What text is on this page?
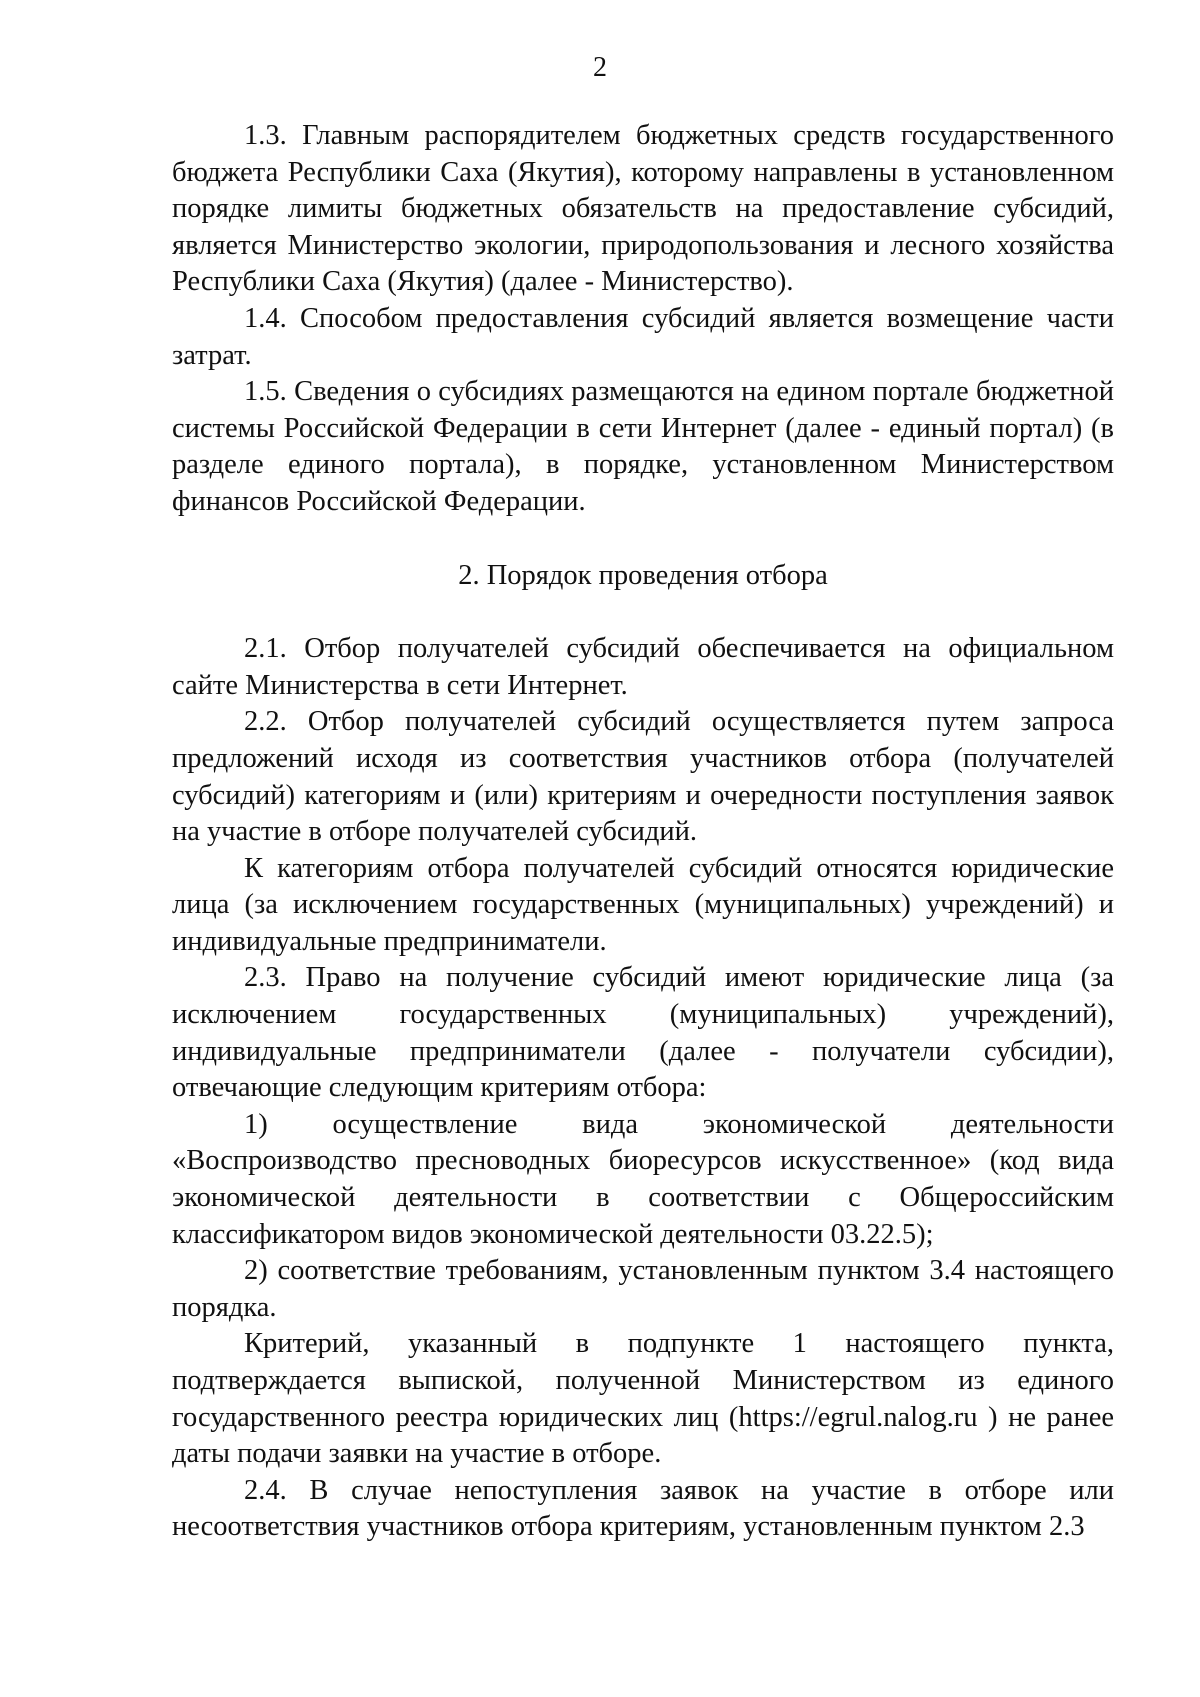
2

1.3. Главным распорядителем бюджетных средств государственного бюджета Республики Саха (Якутия), которому направлены в установленном порядке лимиты бюджетных обязательств на предоставление субсидий, является Министерство экологии, природопользования и лесного хозяйства Республики Саха (Якутия) (далее - Министерство).

1.4. Способом предоставления субсидий является возмещение части затрат.

1.5. Сведения о субсидиях размещаются на едином портале бюджетной системы Российской Федерации в сети Интернет (далее - единый портал) (в разделе единого портала), в порядке, установленном Министерством финансов Российской Федерации.

2. Порядок проведения отбора

2.1. Отбор получателей субсидий обеспечивается на официальном сайте Министерства в сети Интернет.

2.2. Отбор получателей субсидий осуществляется путем запроса предложений исходя из соответствия участников отбора (получателей субсидий) категориям и (или) критериям и очередности поступления заявок на участие в отборе получателей субсидий.

К категориям отбора получателей субсидий относятся юридические лица (за исключением государственных (муниципальных) учреждений) и индивидуальные предприниматели.

2.3. Право на получение субсидий имеют юридические лица (за исключением государственных (муниципальных) учреждений), индивидуальные предприниматели (далее - получатели субсидии), отвечающие следующим критериям отбора:

1) осуществление вида экономической деятельности «Воспроизводство пресноводных биоресурсов искусственное» (код вида экономической деятельности в соответствии с Общероссийским классификатором видов экономической деятельности 03.22.5);

2) соответствие требованиям, установленным пунктом 3.4 настоящего порядка.

Критерий, указанный в подпункте 1 настоящего пункта, подтверждается выпиской, полученной Министерством из единого государственного реестра юридических лиц (https://egrul.nalog.ru ) не ранее даты подачи заявки на участие в отборе.

2.4. В случае непоступления заявок на участие в отборе или несоответствия участников отбора критериям, установленным пунктом 2.3
